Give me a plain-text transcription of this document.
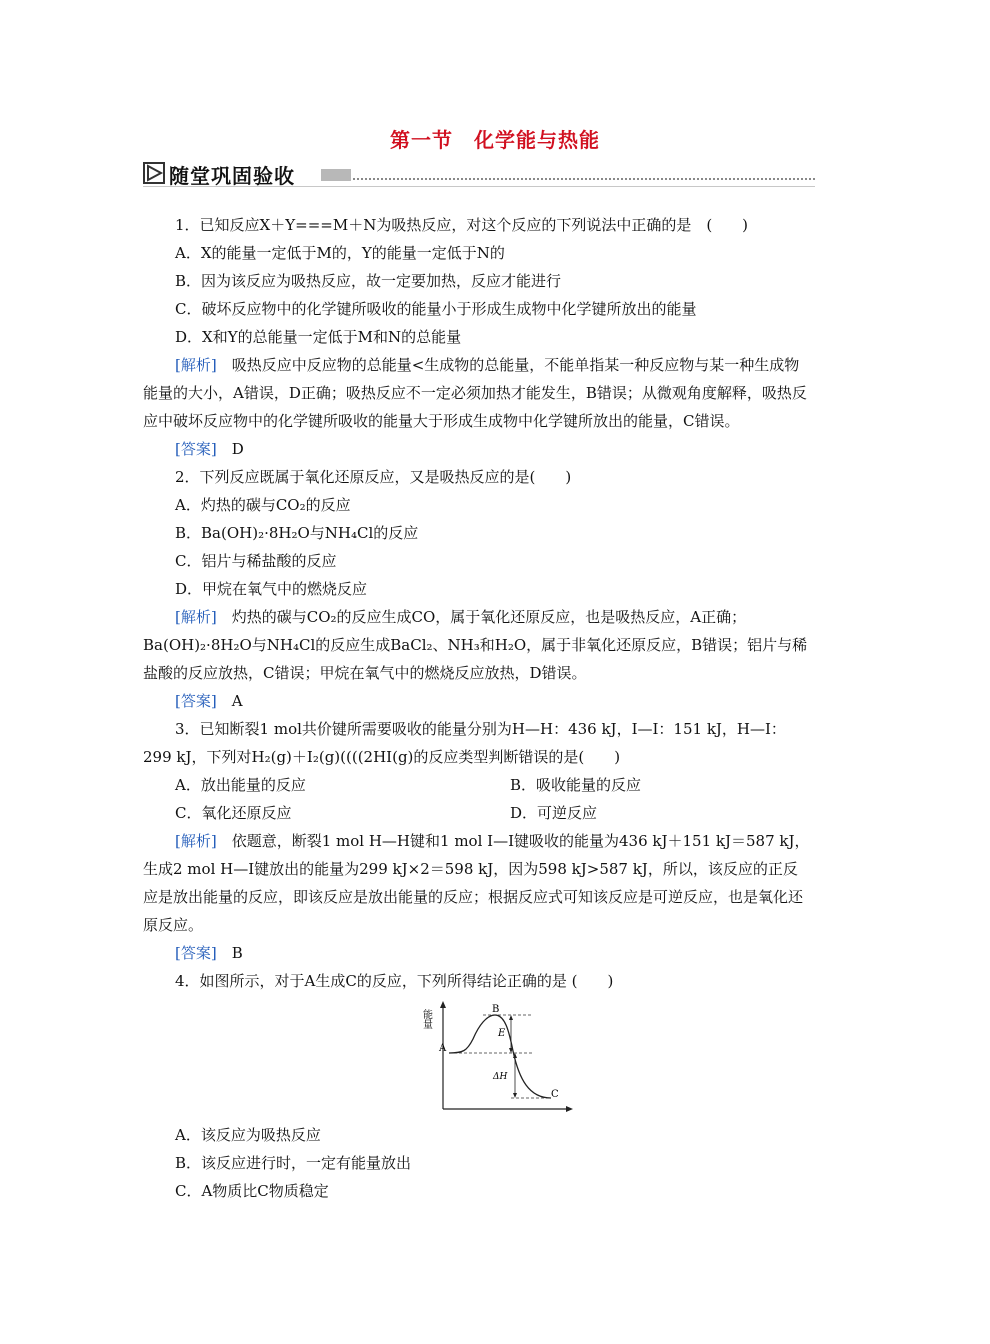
第一节　化学能与热能
随堂巩固验收

1．已知反应X＋Y===M＋N为吸热反应，对这个反应的下列说法中正确的是　(　　)

A．X的能量一定低于M的，Y的能量一定低于N的

B．因为该反应为吸热反应，故一定要加热，反应才能进行

C．破坏反应物中的化学键所吸收的能量小于形成生成物中化学键所放出的能量

D．X和Y的总能量一定低于M和N的总能量

[解析]　吸热反应中反应物的总能量<生成物的总能量，不能单指某一种反应物与某一种生成物能量的大小，A错误，D正确；吸热反应不一定必须加热才能发生，B错误；从微观角度解释，吸热反应中破坏反应物中的化学键所吸收的能量大于形成生成物中化学键所放出的能量，C错误。

[答案]　D

2．下列反应既属于氧化还原反应，又是吸热反应的是(　　)

A．灼热的碳与CO₂的反应

B．Ba(OH)₂·8H₂O与NH₄Cl的反应

C．铝片与稀盐酸的反应

D．甲烷在氧气中的燃烧反应

[解析]　灼热的碳与CO₂的反应生成CO，属于氧化还原反应，也是吸热反应，A正确；Ba(OH)₂·8H₂O与NH₄Cl的反应生成BaCl₂、NH₃和H₂O，属于非氧化还原反应，B错误；铝片与稀盐酸的反应放热，C错误；甲烷在氧气中的燃烧反应放热，D错误。

[答案]　A

3．已知断裂1 mol共价键所需要吸收的能量分别为H—H：436 kJ，I—I：151 kJ，H—I：299 kJ，下列对H₂(g)＋I₂(g)((((2HI(g)的反应类型判断错误的是(　　)

A．放出能量的反应	B．吸收能量的反应
C．氧化还原反应	D．可逆反应

[解析]　依题意，断裂1 mol H—H键和1 mol I—I键吸收的能量为436 kJ＋151 kJ＝587 kJ，生成2 mol H—I键放出的能量为299 kJ×2＝598 kJ，因为598 kJ>587 kJ，所以，该反应的正反应是放出能量的反应，即该反应是放出能量的反应；根据反应式可知该反应是可逆反应，也是氧化还原反应。

[答案]　B

4．如图所示，对于A生成C的反应，下列所得结论正确的是 (　　)

能量
A
B
C
E
ΔH

A．该反应为吸热反应

B．该反应进行时，一定有能量放出

C．A物质比C物质稳定
